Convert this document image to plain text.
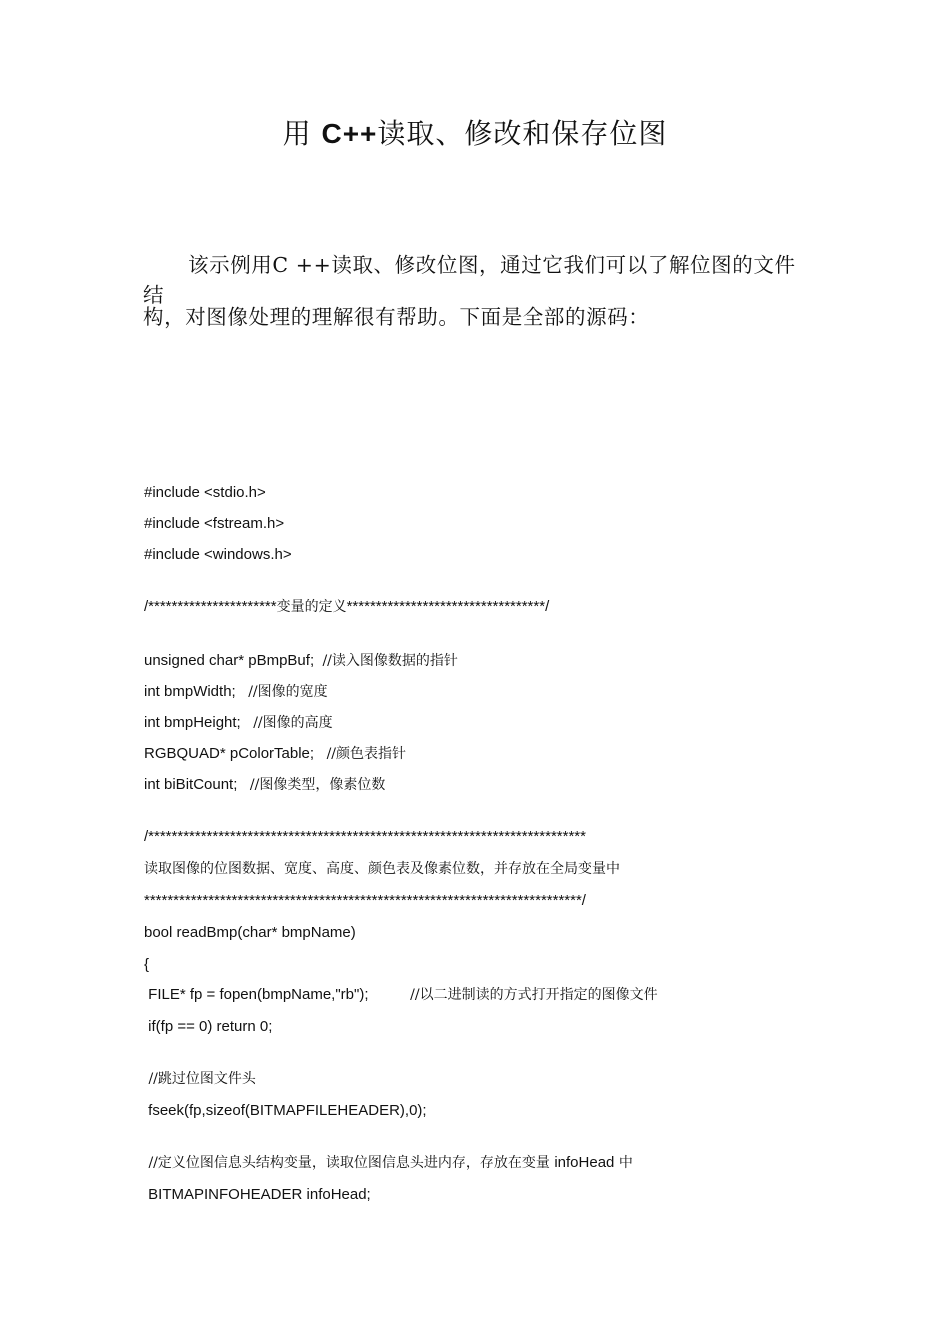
用 C++读取、修改和保存位图
该示例用C ++读取、修改位图，通过它我们可以了解位图的文件结
构，对图像处理的理解很有帮助。下面是全部的源码：
#include <stdio.h>
#include <fstream.h>
#include <windows.h>
/**********************变量的定义**********************************/
unsigned char* pBmpBuf;  //读入图像数据的指针
int bmpWidth;   //图像的宽度
int bmpHeight;   //图像的高度
RGBQUAD* pColorTable;   //颜色表指针
int biBitCount;   //图像类型，像素位数
/***************************************************************************
读取图像的位图数据、宽度、高度、颜色表及像素位数，并存放在全局变量中
***************************************************************************/
bool readBmp(char* bmpName)
{
FILE* fp = fopen(bmpName,"rb");          //以二进制读的方式打开指定的图像文件
if(fp == 0) return 0;
//跳过位图文件头
fseek(fp,sizeof(BITMAPFILEHEADER),0);
//定义位图信息头结构变量，读取位图信息头进内存，存放在变量 infoHead 中
BITMAPINFOHEADER infoHead;
